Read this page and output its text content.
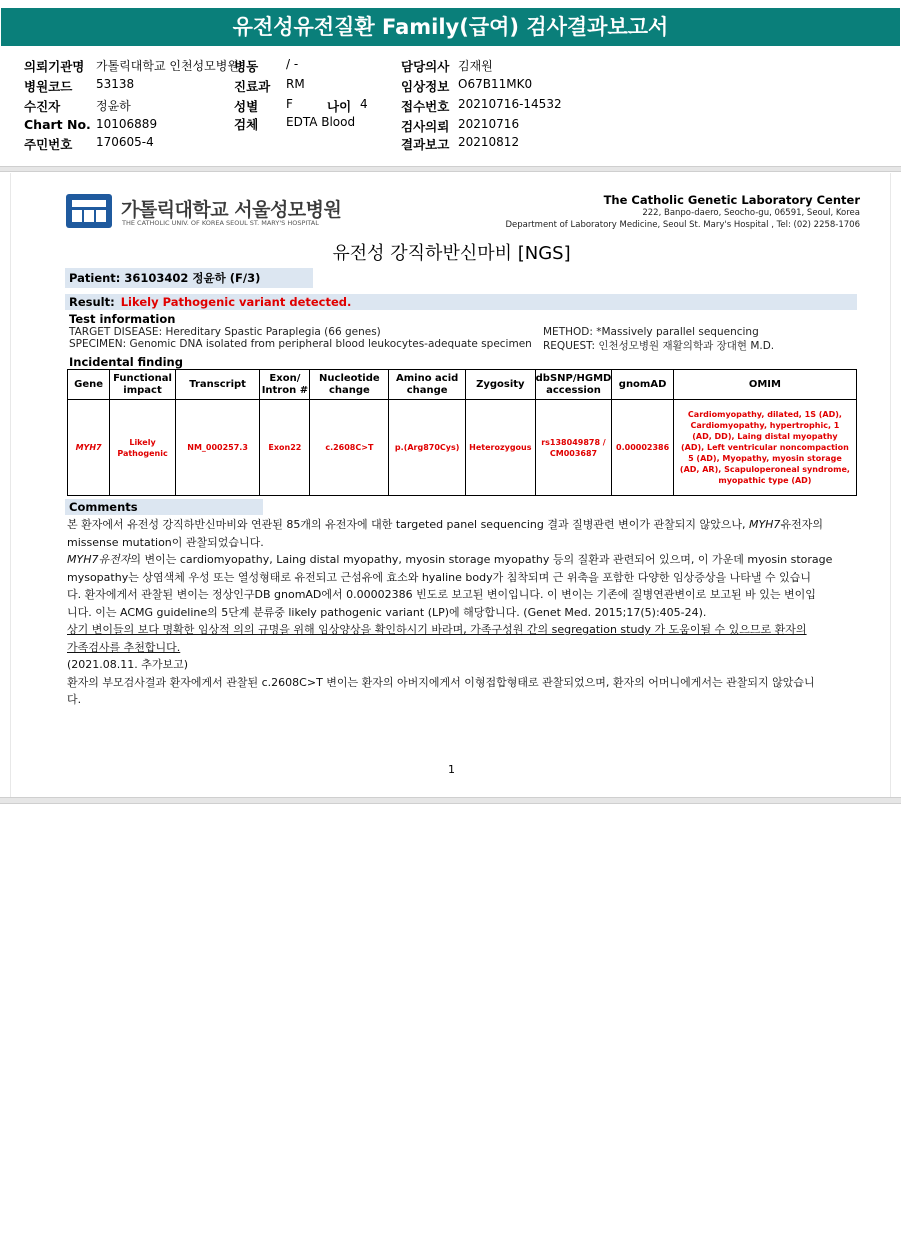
유전성유전질환 Family(급여) 검사결과보고서
의뢰기관명 가톨릭대학교 인천성모병원
병동 / -	담당의사 김재원
병원코드 53138	진료과 RM	임상정보 O67B11MK0
수진자	정윤하	성별 F	나이 4	접수번호 20210716-14532
Chart No. 10106889	검체 EDTA Blood	검사의뢰 20210716
주민번호 170605-4	결과보고 20210812
가톨릭대학교 서울성모병원
THE CATHOLIC UNIV. OF KOREA SEOUL ST. MARY'S HOSPITAL
The Catholic Genetic Laboratory Center
222, Banpo-daero, Seocho-gu, 06591, Seoul, Korea
Department of Laboratory Medicine, Seoul St. Mary's Hospital , Tel: (02) 2258-1706
유전성 강직하반신마비 [NGS]
Patient: 36103402 정윤하 (F/3)
Result: Likely Pathogenic variant detected.
Test information
TARGET DISEASE: Hereditary Spastic Paraplegia (66 genes)
SPECIMEN: Genomic DNA isolated from peripheral blood leukocytes-adequate specimen
METHOD: *Massively parallel sequencing
REQUEST: 인천성모병원 재활의학과 장대현 M.D.
Incidental finding
Gene	Functional impact	Transcript	Exon/ Intron #	Nucleotide change	Amino acid change	Zygosity	dbSNP/HGMD accession	gnomAD	OMIM
MYH7	Likely Pathogenic	NM_000257.3	Exon22	c.2608C>T	p.(Arg870Cys)	Heterozygous	rs138049878 / CM003687	0.00002386	Cardiomyopathy, dilated, 1S (AD), Cardiomyopathy, hypertrophic, 1 (AD, DD), Laing distal myopathy (AD), Left ventricular noncompaction 5 (AD), Myopathy, myosin storage (AD, AR), Scapuloperoneal syndrome, myopathic type (AD)
Comments
본 환자에서 유전성 강직하반신마비와 연관된 85개의 유전자에 대한 targeted panel sequencing 결과 질병관련 변이가 관찰되지 않았으나, MYH7유전자의
missense mutation이 관찰되었습니다.
MYH7유전자의 변이는 cardiomyopathy, Laing distal myopathy, myosin storage myopathy 등의 질환과 관련되어 있으며, 이 가운데 myosin storage
mysopathy는 상염색체 우성 또는 열성형태로 유전되고 근섬유에 효소와 hyaline body가 침착되며 근 위축을 포함한 다양한 임상증상을 나타낼 수 있습니
다. 환자에게서 관찰된 변이는 정상인구DB gnomAD에서 0.00002386 빈도로 보고된 변이입니다. 이 변이는 기존에 질병연관변이로 보고된 바 있는 변이입
니다. 이는 ACMG guideline의 5단계 분류중 likely pathogenic variant (LP)에 해당합니다. (Genet Med. 2015;17(5):405-24).
상기 변이들의 보다 명확한 임상적 의의 규명을 위해 임상양상을 확인하시기 바라며, 가족구성원 간의 segregation study 가 도움이될 수 있으므로 환자의
가족검사를 추천합니다.
(2021.08.11. 추가보고)
환자의 부모검사결과 환자에게서 관찰된 c.2608C>T 변이는 환자의 아버지에게서 이형접합형태로 관찰되었으며, 환자의 어머니에게서는 관찰되지 않았습니
다.
1
